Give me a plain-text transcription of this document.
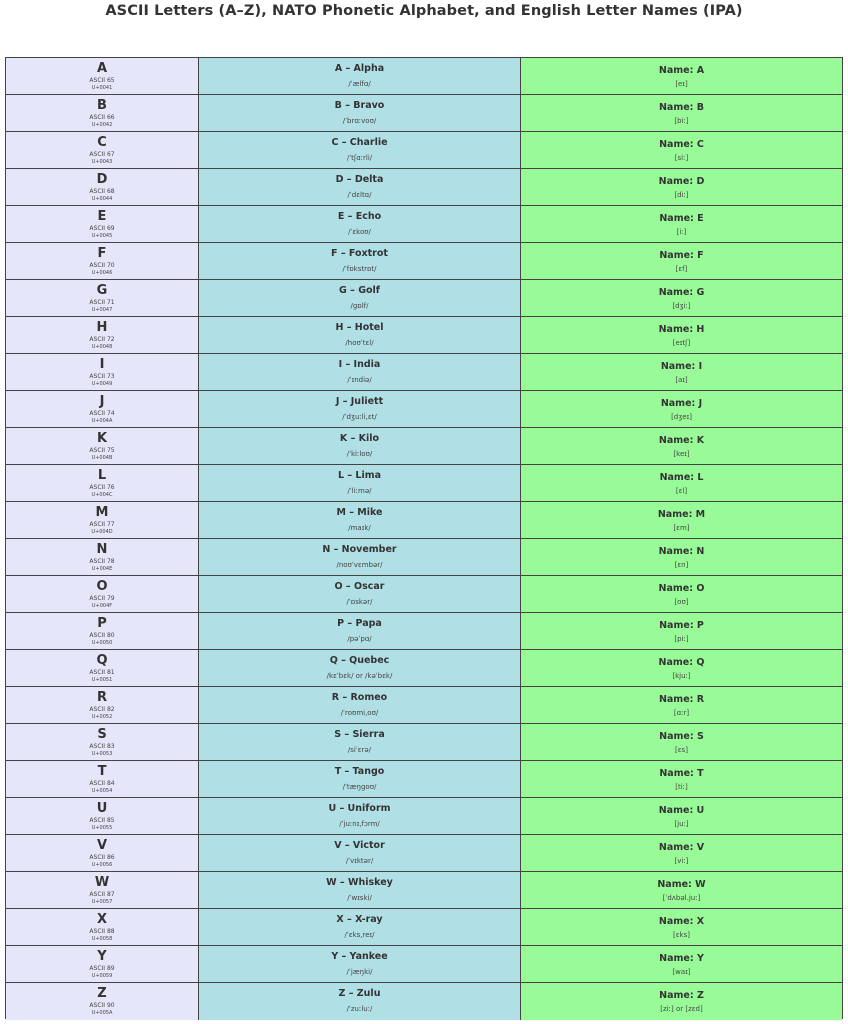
ASCII Letters (A–Z), NATO Phonetic Alphabet, and English Letter Names (IPA)
A
ASCII 65
U+0041
A – Alpha
/ˈælfɑ/
Name: A
[eɪ]
B
ASCII 66
U+0042
B – Bravo
/ˈbrɑːvoʊ/
Name: B
[biː]
C
ASCII 67
U+0043
C – Charlie
/ˈtʃɑːrli/
Name: C
[siː]
D
ASCII 68
U+0044
D – Delta
/ˈdɛltɑ/
Name: D
[diː]
E
ASCII 69
U+0045
E – Echo
/ˈɛkoʊ/
Name: E
[iː]
F
ASCII 70
U+0046
F – Foxtrot
/ˈfɒkstrɒt/
Name: F
[ɛf]
G
ASCII 71
U+0047
G – Golf
/gɒlf/
Name: G
[dʒiː]
H
ASCII 72
U+0048
H – Hotel
/hoʊˈtɛl/
Name: H
[eɪtʃ]
I
ASCII 73
U+0049
I – India
/ˈɪndiə/
Name: I
[aɪ]
J
ASCII 74
U+004A
J – Juliett
/ˈdʒuːli,ɛt/
Name: J
[dʒeɪ]
K
ASCII 75
U+004B
K – Kilo
/ˈkiːloʊ/
Name: K
[keɪ]
L
ASCII 76
U+004C
L – Lima
/ˈliːmə/
Name: L
[ɛl]
M
ASCII 77
U+004D
M – Mike
/maɪk/
Name: M
[ɛm]
N
ASCII 78
U+004E
N – November
/noʊˈvɛmbər/
Name: N
[ɛn]
O
ASCII 79
U+004F
O – Oscar
/ˈɒskər/
Name: O
[oʊ]
P
ASCII 80
U+0050
P – Papa
/pəˈpɑ/
Name: P
[piː]
Q
ASCII 81
U+0051
Q – Quebec
/kɛˈbɛk/ or /kəˈbɛk/
Name: Q
[kjuː]
R
ASCII 82
U+0052
R – Romeo
/ˈroʊmi,oʊ/
Name: R
[ɑːr]
S
ASCII 83
U+0053
S – Sierra
/siˈɛrə/
Name: S
[ɛs]
T
ASCII 84
U+0054
T – Tango
/ˈtæŋgoʊ/
Name: T
[tiː]
U
ASCII 85
U+0055
U – Uniform
/ˈjuːnɪ,fɔrm/
Name: U
[juː]
V
ASCII 86
U+0056
V – Victor
/ˈvɪktər/
Name: V
[viː]
W
ASCII 87
U+0057
W – Whiskey
/ˈwɪski/
Name: W
[ˈdʌbəl.juː]
X
ASCII 88
U+0058
X – X-ray
/ˈɛks,reɪ/
Name: X
[ɛks]
Y
ASCII 89
U+0059
Y – Yankee
/ˈjæŋki/
Name: Y
[waɪ]
Z
ASCII 90
U+005A
Z – Zulu
/ˈzuːluː/
Name: Z
[ziː] or [zɛd]
